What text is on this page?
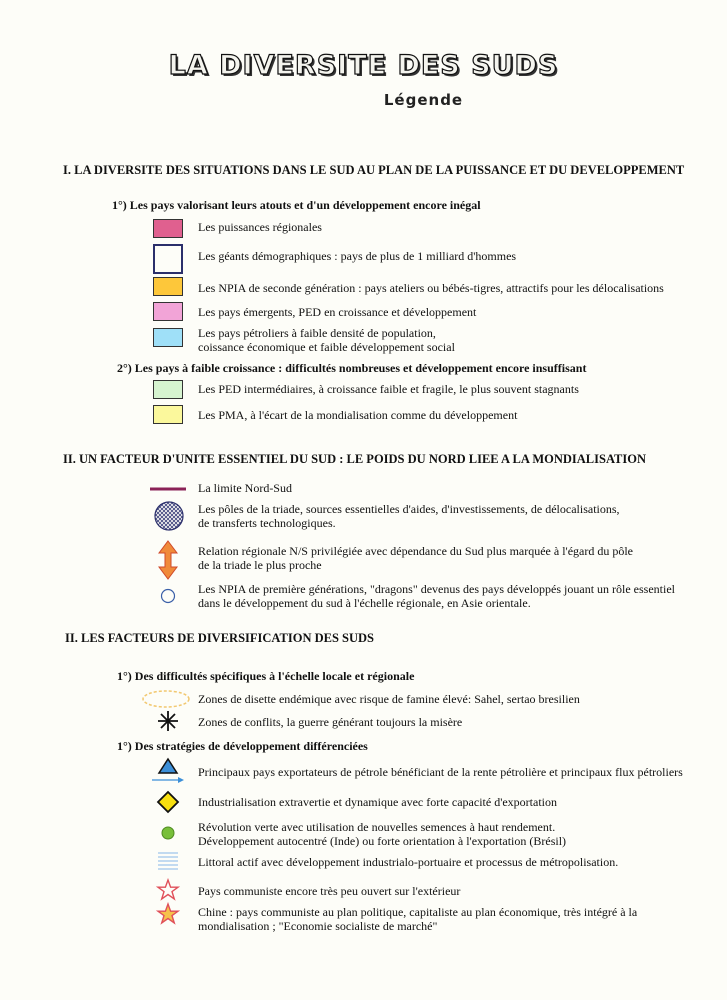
LA DIVERSITE DES SUDS
Légende
I. LA DIVERSITE DES SITUATIONS DANS LE SUD AU PLAN DE LA PUISSANCE ET DU DEVELOPPEMENT
1°) Les pays valorisant leurs atouts et d'un développement encore inégal
Les puissances régionales
Les géants démographiques : pays de plus de 1 milliard d'hommes
Les NPIA de seconde génération : pays ateliers ou bébés-tigres, attractifs pour les délocalisations
Les pays émergents, PED en croissance et développement
Les pays pétroliers à faible densité de population,
coissance économique et faible développement social
2°) Les pays à faible croissance : difficultés nombreuses et développement encore insuffisant
Les PED intermédiaires, à croissance faible et fragile, le plus souvent stagnants
Les PMA, à l'écart de la mondialisation comme du développement
II. UN FACTEUR D'UNITE ESSENTIEL DU SUD : LE POIDS DU NORD LIEE A LA MONDIALISATION
La limite Nord-Sud
Les pôles de la triade, sources essentielles d'aides, d'investissements, de délocalisations,
de transferts technologiques.
Relation régionale N/S privilégiée avec dépendance du Sud plus marquée à l'égard du pôle
de la triade le plus proche
Les NPIA de première générations, "dragons" devenus des pays développés jouant un rôle essentiel
dans le développement du sud à l'échelle régionale, en Asie orientale.
II. LES FACTEURS DE DIVERSIFICATION DES SUDS
1°) Des difficultés spécifiques à l'échelle locale et régionale
Zones de disette endémique avec risque de famine élevé: Sahel, sertao bresilien
Zones de conflits, la guerre générant toujours la misère
1°) Des stratégies de développement différenciées
Principaux pays exportateurs de pétrole bénéficiant de la rente pétrolière et principaux flux pétroliers
Industrialisation extravertie et dynamique avec forte capacité d'exportation
Révolution verte avec utilisation de nouvelles semences à haut rendement.
Développement autocentré (Inde) ou forte orientation à l'exportation (Brésil)
Littoral actif avec développement industrialo-portuaire et processus de métropolisation.
Pays communiste encore très peu ouvert sur l'extérieur
Chine : pays communiste au plan politique, capitaliste au plan économique, très intégré à la
mondialisation ; "Economie socialiste de marché"
